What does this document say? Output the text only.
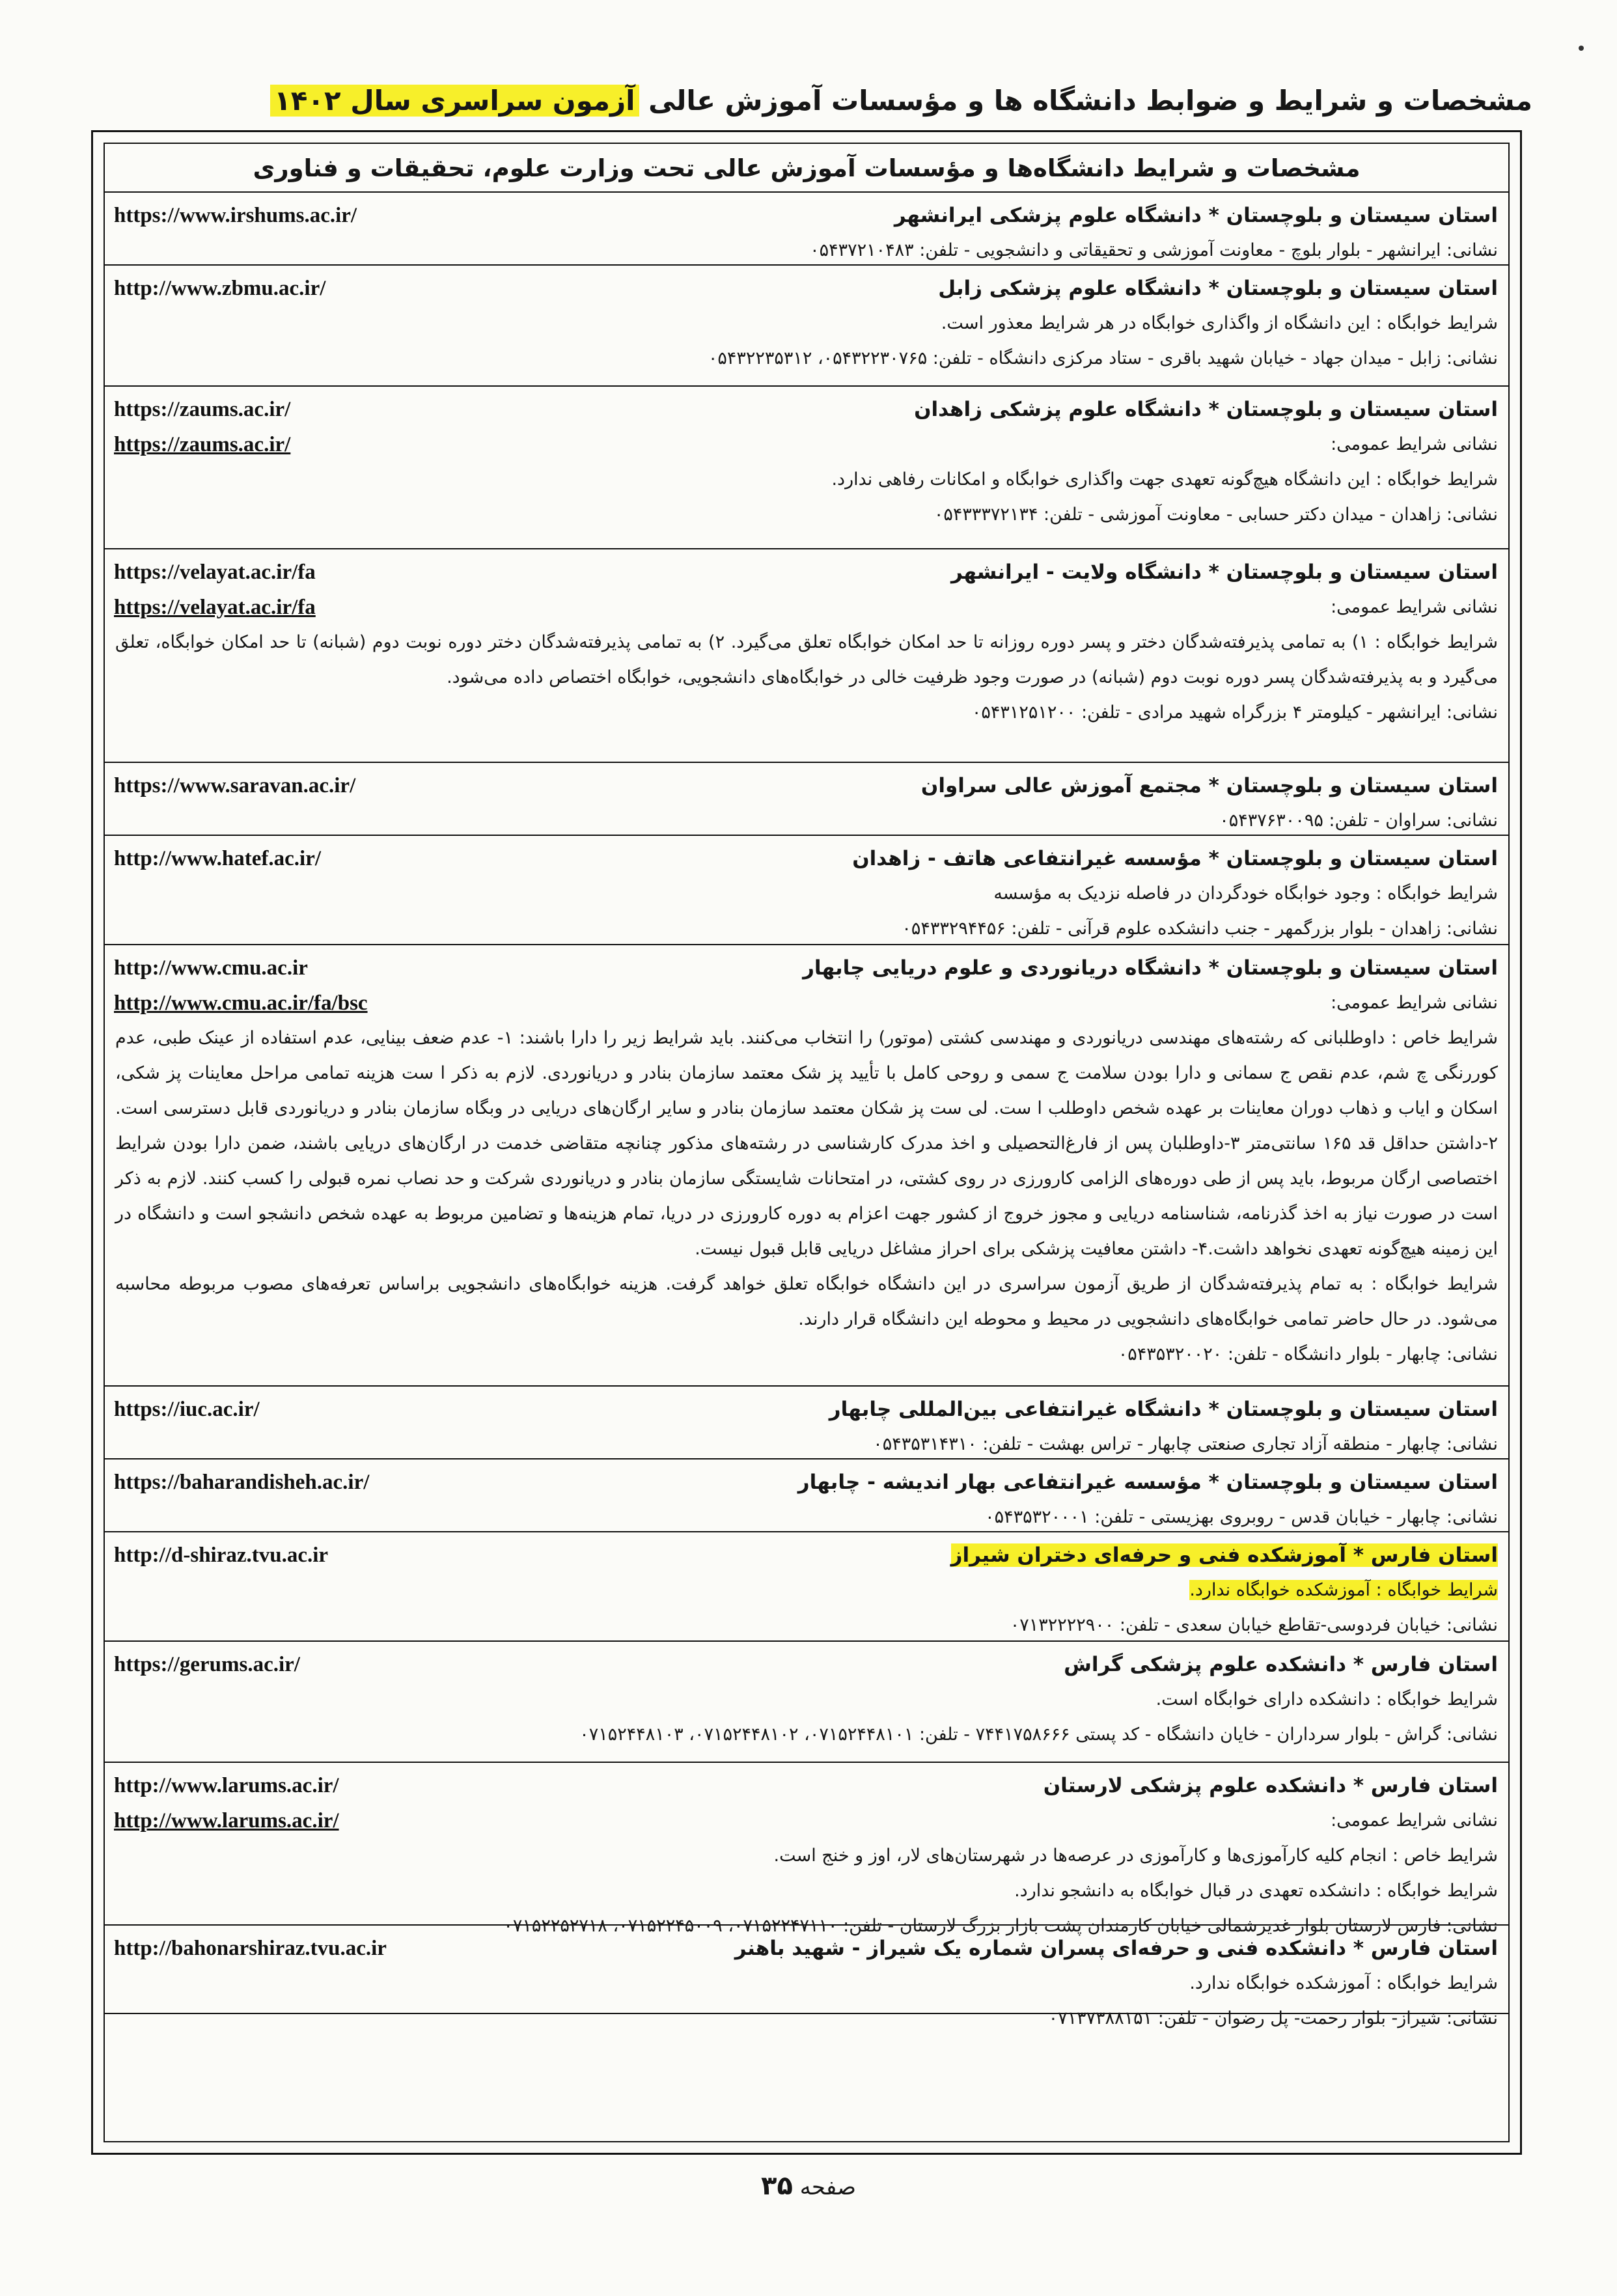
مشخصات و شرایط و ضوابط دانشگاه ها و مؤسسات آموزش عالی آزمون سراسری سال ۱۴۰۲
مشخصات و شرایط دانشگاه‌ها و مؤسسات آموزش عالی تحت وزارت علوم، تحقیقات و فناوری
استان سیستان و بلوچستان * دانشگاه علوم پزشکی ایرانشهر
https://www.irshums.ac.ir/
نشانی: ایرانشهر - بلوار بلوچ - معاونت آموزشی و تحقیقاتی و دانشجویی - تلفن: ۰۵۴۳۷۲۱۰۴۸۳
استان سیستان و بلوچستان * دانشگاه علوم پزشکی زابل
http://www.zbmu.ac.ir/
شرایط خوابگاه : این دانشگاه از واگذاری خوابگاه در هر شرایط معذور است.
نشانی: زابل - میدان جهاد - خیابان شهید باقری - ستاد مرکزی دانشگاه - تلفن: ۰۵۴۳۲۲۳۰۷۶۵، ۰۵۴۳۲۲۳۵۳۱۲
استان سیستان و بلوچستان * دانشگاه علوم پزشکی زاهدان
https://zaums.ac.ir/
https://zaums.ac.ir/	نشانی شرایط عمومی:
شرایط خوابگاه : این دانشگاه هیچ‌گونه تعهدی جهت واگذاری خوابگاه و امکانات رفاهی ندارد.
نشانی: زاهدان - میدان دکتر حسابی - معاونت آموزشی - تلفن: ۰۵۴۳۳۳۷۲۱۳۴
استان سیستان و بلوچستان * دانشگاه ولایت - ایرانشهر
https://velayat.ac.ir/fa
https://velayat.ac.ir/fa	نشانی شرایط عمومی:
شرایط خوابگاه : ۱) به تمامی پذیرفته‌شدگان دختر و پسر دوره روزانه تا حد امکان خوابگاه تعلق می‌گیرد. ۲) به تمامی پذیرفته‌شدگان دختر دوره نوبت دوم (شبانه) تا حد امکان خوابگاه، تعلق می‌گیرد و به پذیرفته‌شدگان پسر دوره نوبت دوم (شبانه) در صورت وجود ظرفیت خالی در خوابگاه‌های دانشجویی، خوابگاه اختصاص داده می‌شود.
نشانی: ایرانشهر - کیلومتر ۴ بزرگراه شهید مرادی - تلفن: ۰۵۴۳۱۲۵۱۲۰۰
استان سیستان و بلوچستان * مجتمع آموزش عالی سراوان
https://www.saravan.ac.ir/
نشانی: سراوان - تلفن: ۰۵۴۳۷۶۳۰۰۹۵
استان سیستان و بلوچستان * مؤسسه غیرانتفاعی هاتف - زاهدان
http://www.hatef.ac.ir/
شرایط خوابگاه : وجود خوابگاه خودگردان در فاصله نزدیک به مؤسسه
نشانی: زاهدان - بلوار بزرگمهر - جنب دانشکده علوم قرآنی - تلفن: ۰۵۴۳۳۲۹۴۴۵۶
استان سیستان و بلوچستان * دانشگاه دریانوردی و علوم دریایی چابهار
http://www.cmu.ac.ir
http://www.cmu.ac.ir/fa/bsc	نشانی شرایط عمومی:
شرایط خاص : داوطلبانی که رشته‌های مهندسی دریانوردی و مهندسی کشتی (موتور) را انتخاب می‌کنند. باید شرایط زیر را دارا باشند: ۱- عدم ضعف بینایی، عدم استفاده از عینک طبی، عدم کوررنگی چ شم، عدم نقص ج سمانی و دارا بودن سلامت ج سمی و روحی کامل با تأیید پز شک معتمد سازمان بنادر و دریانوردی. لازم به ذکر ا ست هزینه تمامی مراحل معاینات پز شکی، اسکان و ایاب و ذهاب دوران معاینات بر عهده شخص داوطلب ا ست. لی ست پز شکان معتمد سازمان بنادر و سایر ارگان‌های دریایی در وبگاه سازمان بنادر و دریانوردی قابل دسترسی است. ۲-داشتن حداقل قد ۱۶۵ سانتی‌متر ۳-داوطلبان پس از فارغ‌التحصیلی و اخذ مدرک کارشناسی در رشته‌های مذکور چنانچه متقاضی خدمت در ارگان‌های دریایی باشند، ضمن دارا بودن شرایط اختصاصی ارگان مربوط، باید پس از طی دوره‌های الزامی کارورزی در روی کشتی، در امتحانات شایستگی سازمان بنادر و دریانوردی شرکت و حد نصاب نمره قبولی را کسب کنند. لازم به ذکر است در صورت نیاز به اخذ گذرنامه، شناسنامه دریایی و مجوز خروج از کشور جهت اعزام به دوره کارورزی در دریا، تمام هزینه‌ها و تضامین مربوط به عهده شخص دانشجو است و دانشگاه در این زمینه هیچ‌گونه تعهدی نخواهد داشت.۴- داشتن معافیت پزشکی برای احراز مشاغل دریایی قابل قبول نیست.
شرایط خوابگاه : به تمام پذیرفته‌شدگان از طریق آزمون سراسری در این دانشگاه خوابگاه تعلق خواهد گرفت. هزینه خوابگاه‌های دانشجویی براساس تعرفه‌های مصوب مربوطه محاسبه می‌شود. در حال حاضر تمامی خوابگاه‌های دانشجویی در محیط و محوطه این دانشگاه قرار دارند.
نشانی: چابهار - بلوار دانشگاه - تلفن: ۰۵۴۳۵۳۲۰۰۲۰
استان سیستان و بلوچستان * دانشگاه غیرانتفاعی بین‌المللی چابهار
https://iuc.ac.ir/
نشانی: چابهار - منطقه آزاد تجاری صنعتی چابهار - تراس بهشت - تلفن: ۰۵۴۳۵۳۱۴۳۱۰
استان سیستان و بلوچستان * مؤسسه غیرانتفاعی بهار اندیشه - چابهار
https://baharandisheh.ac.ir/
نشانی: چابهار - خیابان قدس - روبروی بهزیستی - تلفن: ۰۵۴۳۵۳۲۰۰۰۱
استان فارس * آموزشکده فنی و حرفه‌ای دختران شیراز
http://d-shiraz.tvu.ac.ir
شرایط خوابگاه : آموزشکده خوابگاه ندارد.
نشانی: خیابان فردوسی-تقاطع خیابان سعدی - تلفن: ۰۷۱۳۲۲۲۲۹۰۰
استان فارس * دانشکده علوم پزشکی گراش
https://gerums.ac.ir/
شرایط خوابگاه : دانشکده دارای خوابگاه است.
نشانی: گراش - بلوار سرداران - خایان دانشگاه - کد پستی ۷۴۴۱۷۵۸۶۶۶ - تلفن: ۰۷۱۵۲۴۴۸۱۰۱، ۰۷۱۵۲۴۴۸۱۰۲، ۰۷۱۵۲۴۴۸۱۰۳
استان فارس * دانشکده علوم پزشکی لارستان
http://www.larums.ac.ir/
http://www.larums.ac.ir/	نشانی شرایط عمومی:
شرایط خاص : انجام کلیه کارآموزی‌ها و کارآموزی در عرصه‌ها در شهرستان‌های لار، اوز و خنج است.
شرایط خوابگاه : دانشکده تعهدی در قبال خوابگاه به دانشجو ندارد.
نشانی: فارس لارستان بلوار غدیرشمالی خیابان کارمندان پشت بازار بزرگ لارستان - تلفن: ۰۷۱۵۲۲۴۷۱۱۰، ۰۷۱۵۲۲۴۵۰۰۹، ۰۷۱۵۲۲۵۲۷۱۸
استان فارس * دانشکده فنی و حرفه‌ای پسران شماره یک شیراز - شهید باهنر
http://bahonarshiraz.tvu.ac.ir
شرایط خوابگاه : آموزشکده خوابگاه ندارد.
نشانی: شیراز- بلوار رحمت- پل رضوان - تلفن: ۰۷۱۳۷۳۸۸۱۵۱
صفحه ۳۵
